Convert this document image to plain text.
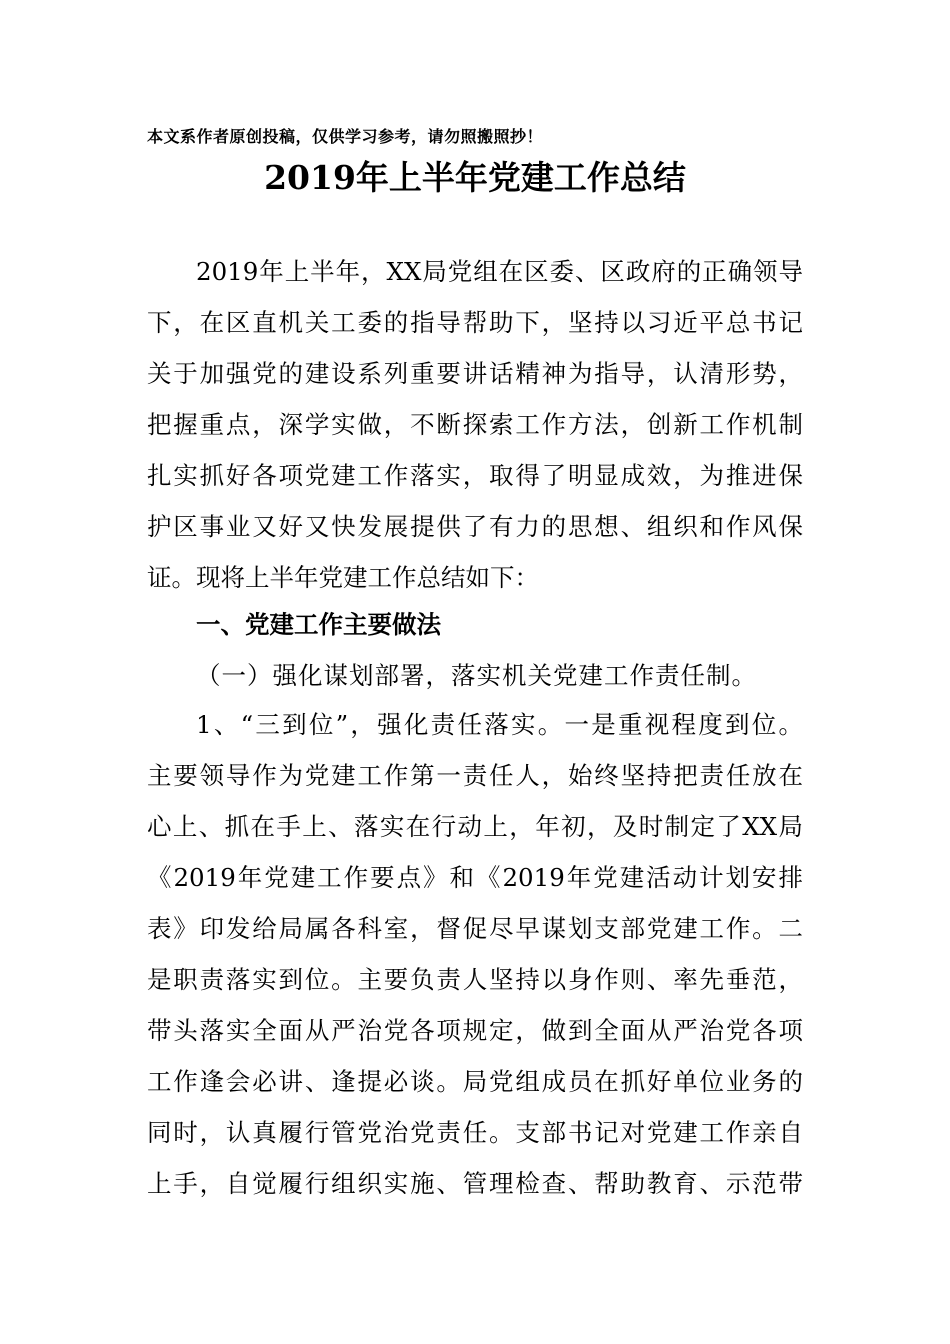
本文系作者原创投稿，仅供学习参考，请勿照搬照抄！
2019年上半年党建工作总结
2019年上半年，XX局党组在区委、区政府的正确领导
下，在区直机关工委的指导帮助下，坚持以习近平总书记
关于加强党的建设系列重要讲话精神为指导，认清形势，
把握重点，深学实做，不断探索工作方法，创新工作机制
扎实抓好各项党建工作落实，取得了明显成效，为推进保
护区事业又好又快发展提供了有力的思想、组织和作风保
证。现将上半年党建工作总结如下：
一、党建工作主要做法
（一）强化谋划部署，落实机关党建工作责任制。
1、“三到位”，强化责任落实。一是重视程度到位。
主要领导作为党建工作第一责任人，始终坚持把责任放在
心上、抓在手上、落实在行动上，年初，及时制定了XX局
《2019年党建工作要点》和《2019年党建活动计划安排
表》印发给局属各科室，督促尽早谋划支部党建工作。二
是职责落实到位。主要负责人坚持以身作则、率先垂范，
带头落实全面从严治党各项规定，做到全面从严治党各项
工作逢会必讲、逢提必谈。局党组成员在抓好单位业务的
同时，认真履行管党治党责任。支部书记对党建工作亲自
上手，自觉履行组织实施、管理检查、帮助教育、示范带
